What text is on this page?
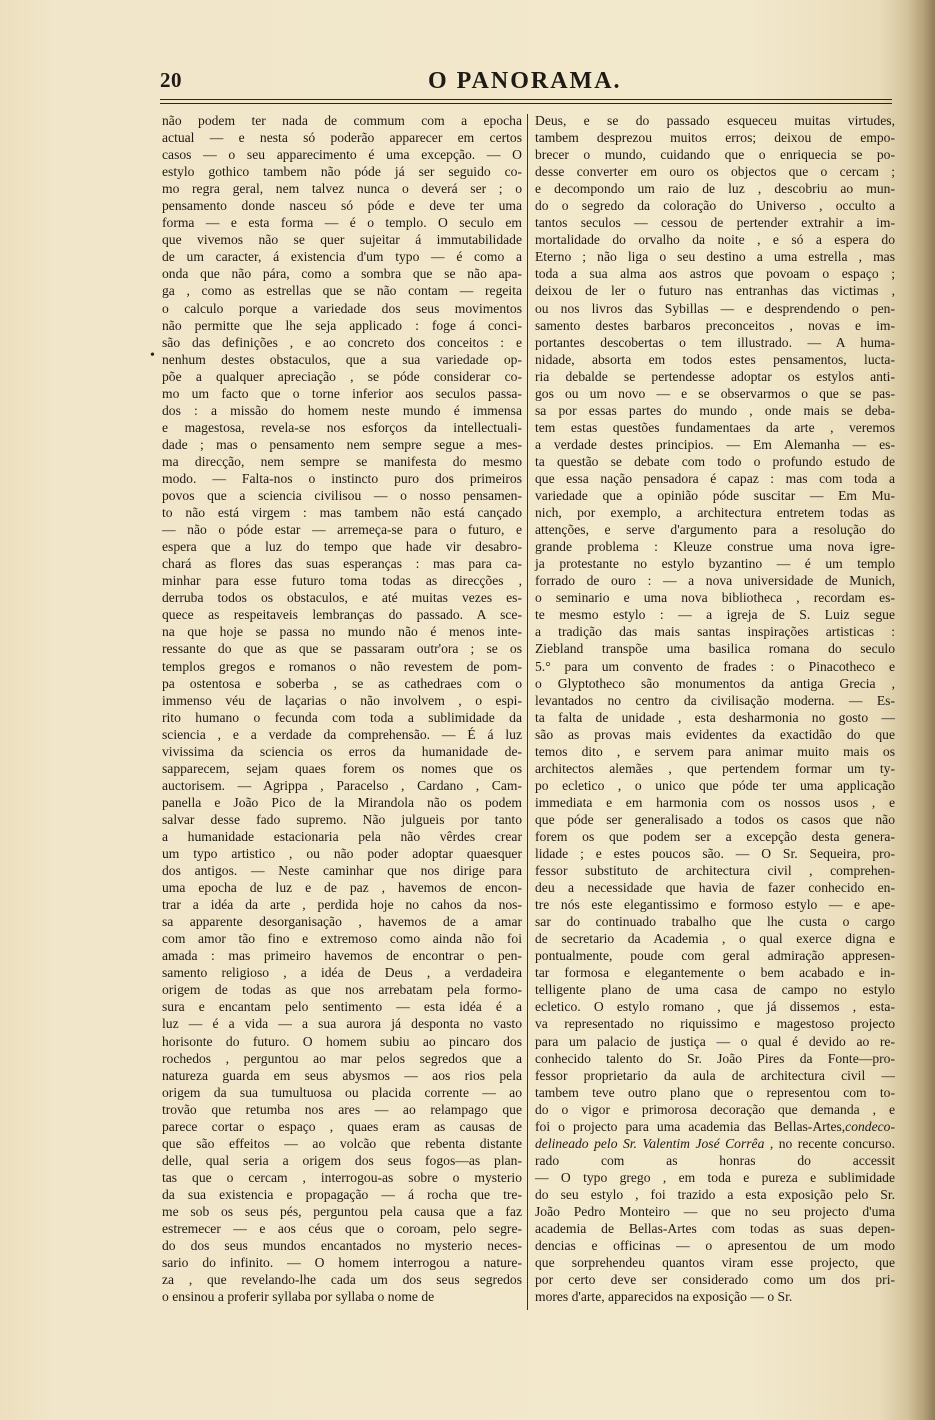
20	O PANORAMA.
•
não podem ter nada de commum com a epocha
actual — e nesta só poderão apparecer em certos
casos — o seu apparecimento é uma excepção. — O
estylo gothico tambem não póde já ser seguido co-
mo regra geral, nem talvez nunca o deverá ser ; o
pensamento donde nasceu só póde e deve ter uma
forma — e esta forma — é o templo. O seculo em
que vivemos não se quer sujeitar á immutabilidade
de um caracter, á existencia d'um typo — é como a
onda que não pára, como a sombra que se não apa-
ga , como as estrellas que se não contam — regeita
o calculo porque a variedade dos seus movimentos
não permitte que lhe seja applicado : foge á conci-
são das definições , e ao concreto dos conceitos : e
nenhum destes obstaculos, que a sua variedade op-
põe a qualquer apreciação , se póde considerar co-
mo um facto que o torne inferior aos seculos passa-
dos : a missão do homem neste mundo é immensa
e magestosa, revela-se nos esforços da intellectuali-
dade ; mas o pensamento nem sempre segue a mes-
ma direcção, nem sempre se manifesta do mesmo
modo. — Falta-nos o instincto puro dos primeiros
povos que a sciencia civilisou — o nosso pensamen-
to não está virgem : mas tambem não está cançado
— não o póde estar — arremeça-se para o futuro, e
espera que a luz do tempo que hade vir desabro-
chará as flores das suas esperanças : mas para ca-
minhar para esse futuro toma todas as direcções ,
derruba todos os obstaculos, e até muitas vezes es-
quece as respeitaveis lembranças do passado. A sce-
na que hoje se passa no mundo não é menos inte-
ressante do que as que se passaram outr'ora ; se os
templos gregos e romanos o não revestem de pom-
pa ostentosa e soberba , se as cathedraes com o
immenso véu de laçarias o não involvem , o espi-
rito humano o fecunda com toda a sublimidade da
sciencia , e a verdade da comprehensão. — É á luz
vivissima da sciencia os erros da humanidade de-
sapparecem, sejam quaes forem os nomes que os
auctorisem. — Agrippa , Paracelso , Cardano , Cam-
panella e João Pico de la Mirandola não os podem
salvar desse fado supremo. Não julgueis por tanto
a humanidade estacionaria pela não vêrdes crear
um typo artistico , ou não poder adoptar quaesquer
dos antigos. — Neste caminhar que nos dirige para
uma epocha de luz e de paz , havemos de encon-
trar a idéa da arte , perdida hoje no cahos da nos-
sa apparente desorganisação , havemos de a amar
com amor tão fino e extremoso como ainda não foi
amada : mas primeiro havemos de encontrar o pen-
samento religioso , a idéa de Deus , a verdadeira
origem de todas as que nos arrebatam pela formo-
sura e encantam pelo sentimento — esta idéa é a
luz — é a vida — a sua aurora já desponta no vasto
horisonte do futuro. O homem subiu ao pincaro dos
rochedos , perguntou ao mar pelos segredos que a
natureza guarda em seus abysmos — aos rios pela
origem da sua tumultuosa ou placida corrente — ao
trovão que retumba nos ares — ao relampago que
parece cortar o espaço , quaes eram as causas de
que são effeitos — ao volcão que rebenta distante
delle, qual seria a origem dos seus fogos—as plan-
tas que o cercam , interrogou-as sobre o mysterio
da sua existencia e propagação — á rocha que tre-
me sob os seus pés, perguntou pela causa que a faz
estremecer — e aos céus que o coroam, pelo segre-
do dos seus mundos encantados no mysterio neces-
sario do infinito. — O homem interrogou a nature-
za , que revelando-lhe cada um dos seus segredos
o ensinou a proferir syllaba por syllaba o nome de
Deus, e se do passado esqueceu muitas virtudes,
tambem desprezou muitos erros; deixou de empo-
brecer o mundo, cuidando que o enriquecia se po-
desse converter em ouro os objectos que o cercam ;
e decompondo um raio de luz , descobriu ao mun-
do o segredo da coloração do Universo , occulto a
tantos seculos — cessou de pertender extrahir a im-
mortalidade do orvalho da noite , e só a espera do
Eterno ; não liga o seu destino a uma estrella , mas
toda a sua alma aos astros que povoam o espaço ;
deixou de ler o futuro nas entranhas das victimas ,
ou nos livros das Sybillas — e desprendendo o pen-
samento destes barbaros preconceitos , novas e im-
portantes descobertas o tem illustrado. — A huma-
nidade, absorta em todos estes pensamentos, lucta-
ria debalde se pertendesse adoptar os estylos anti-
gos ou um novo — e se observarmos o que se pas-
sa por essas partes do mundo , onde mais se deba-
tem estas questões fundamentaes da arte , veremos
a verdade destes principios. — Em Alemanha — es-
ta questão se debate com todo o profundo estudo de
que essa nação pensadora é capaz : mas com toda a
variedade que a opinião póde suscitar — Em Mu-
nich, por exemplo, a architectura entretem todas as
attenções, e serve d'argumento para a resolução do
grande problema : Kleuze construe uma nova igre-
ja protestante no estylo byzantino — é um templo
forrado de ouro : — a nova universidade de Munich,
o seminario e uma nova bibliotheca , recordam es-
te mesmo estylo : — a igreja de S. Luiz segue
a tradição das mais santas inspirações artisticas :
Ziebland transpõe uma basilica romana do seculo
5.° para um convento de frades : o Pinacotheco e
o Glyptotheco são monumentos da antiga Grecia ,
levantados no centro da civilisação moderna. — Es-
ta falta de unidade , esta desharmonia no gosto —
são as provas mais evidentes da exactidão do que
temos dito , e servem para animar muito mais os
architectos alemães , que pertendem formar um ty-
po ecletico , o unico que póde ter uma applicação
immediata e em harmonia com os nossos usos , e
que póde ser generalisado a todos os casos que não
forem os que podem ser a excepção desta genera-
lidade ; e estes poucos são. — O Sr. Sequeira, pro-
fessor substituto de architectura civil , comprehen-
deu a necessidade que havia de fazer conhecido en-
tre nós este elegantissimo e formoso estylo — e ape-
sar do continuado trabalho que lhe custa o cargo
de secretario da Academia , o qual exerce digna e
pontualmente, poude com geral admiração appresen-
tar formosa e elegantemente o bem acabado e in-
telligente plano de uma casa de campo no estylo
ecletico. O estylo romano , que já dissemos , esta-
va representado no riquissimo e magestoso projecto
para um palacio de justiça — o qual é devido ao re-
conhecido talento do Sr. João Pires da Fonte—pro-
fessor proprietario da aula de architectura civil —
tambem teve outro plano que o representou com to-
do o vigor e primorosa decoração que demanda , e
foi o projecto para uma academia das Bellas-Artes,condeco-
delineado pelo Sr. Valentim José Corrêa , no recente concurso.
rado com as honras do accessit
— O typo grego , em toda e pureza e sublimidade
do seu estylo , foi trazido a esta exposição pelo Sr.
João Pedro Monteiro — que no seu projecto d'uma
academia de Bellas-Artes com todas as suas depen-
dencias e officinas — o apresentou de um modo
que sorprehendeu quantos viram esse projecto, que
por certo deve ser considerado como um dos pri-
mores d'arte, apparecidos na exposição — o Sr.
